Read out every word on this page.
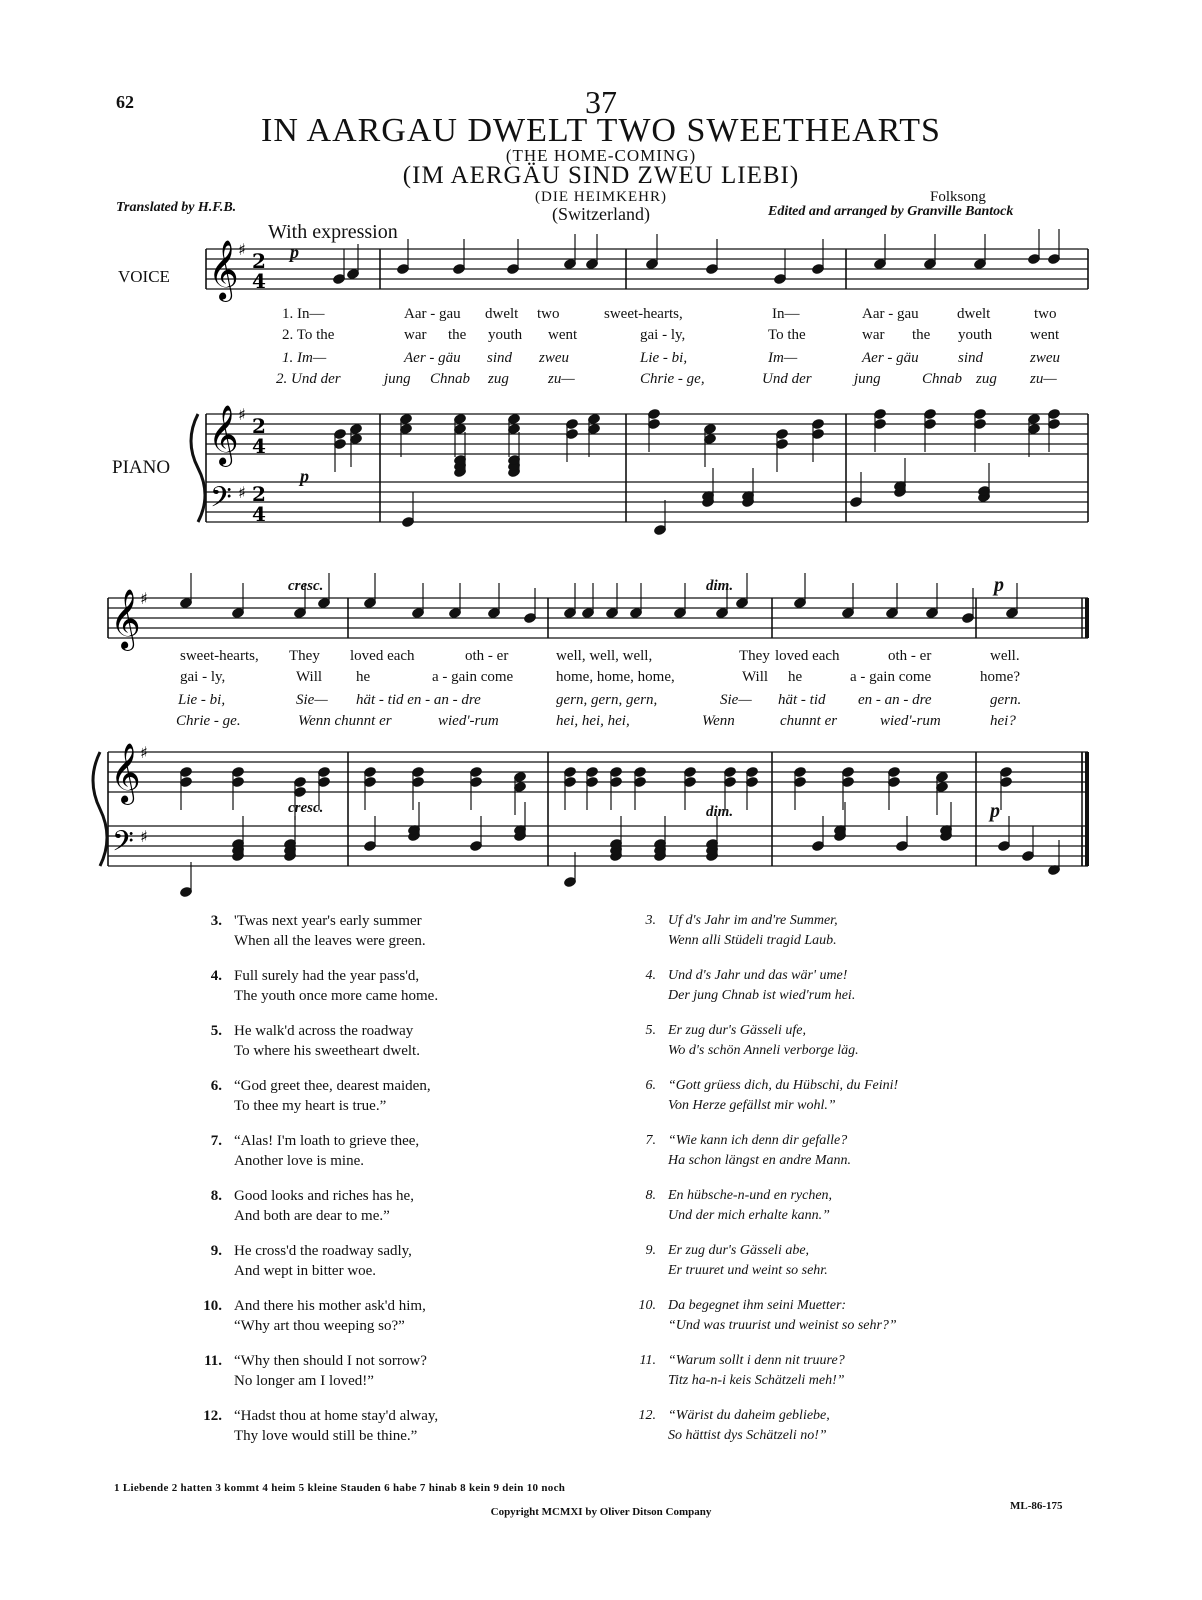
62	37
IN AARGAU DWELT TWO SWEETHEARTS
(THE HOME-COMING)
(IM AERGÄU SIND ZWEU LIEBI)
(DIE HEIMKEHR)
(Switzerland)
Translated by H.F.B.
Folksong
Edited and arranged by Granville Bantock
𝄞
𝄞
𝄢
♯
♯
♯
2
4
2
4
2
4
𝄞
𝄞
𝄢
♯
♯
♯
With expression
VOICE
PIANO
p
p
cresc.
cresc.
dim.
dim.
p
p
1. In—	Aar - gau dwelt two	sweet-hearts,	In—	Aar - gau	dwelt	two
2. To the	war the youth went	gai - ly,	To the	war the youth	went
1. Im—	Aer - gäu sind zweu	Lie - bi,	Im—	Aer - gäu	sind	zweu
2. Und der	jung Chnab zug	zu—	Chrie - ge,	Und der	jung	Chnab zug zu—
sweet-hearts, They loved each	oth - er	well, well, well,	They loved each	oth - er	well.
gai - ly,	Will he	a - gain come	home, home, home,	Will he	a - gain come	home?
Lie - bi,	Sie— hät - tid en - an - dre	gern, gern, gern,	Sie— hät - tid en - an - dre	gern.
Chrie - ge.	Wenn chunnt er	wied'-rum	hei, hei, hei,	Wenn	chunnt er	wied'-rum	hei?
3. 'Twas next year's early summer
When all the leaves were green.
4. Full surely had the year pass'd,
The youth once more came home.
5. He walk'd across the roadway
To where his sweetheart dwelt.
6. “God greet thee, dearest maiden,
To thee my heart is true.”
7. “Alas! I'm loath to grieve thee,
Another love is mine.
8. Good looks and riches has he,
And both are dear to me.”
9. He cross'd the roadway sadly,
And wept in bitter woe.
10. And there his mother ask'd him,
“Why art thou weeping so?”
11. “Why then should I not sorrow?
No longer am I loved!”
12. “Hadst thou at home stay'd alway,
Thy love would still be thine.”
3. Uf d's Jahr im and're Summer,
Wenn alli Stüdeli tragid Laub.
4. Und d's Jahr und das wär' ume!
Der jung Chnab ist wied'rum hei.
5. Er zug dur's Gässeli ufe,
Wo d's schön Anneli verborge läg.
6. “Gott grüess dich, du Hübschi, du Feini!
Von Herze gefällst mir wohl.”
7. “Wie kann ich denn dir gefalle?
Ha schon längst en andre Mann.
8. En hübsche-n-und en rychen,
Und der mich erhalte kann.”
9. Er zug dur's Gässeli abe,
Er truuret und weint so sehr.
10. Da begegnet ihm seini Muetter:
“Und was truurist und weinist so sehr?”
11. “Warum sollt i denn nit truure?
Titz ha-n-i keis Schätzeli meh!”
12. “Wärist du daheim gebliebe,
So hättist dys Schätzeli no!”
1 Liebende 2 hatten 3 kommt 4 heim 5 kleine Stauden 6 habe 7 hinab 8 kein 9 dein 10 noch
Copyright MCMXI by Oliver Ditson Company	ML-86-175
